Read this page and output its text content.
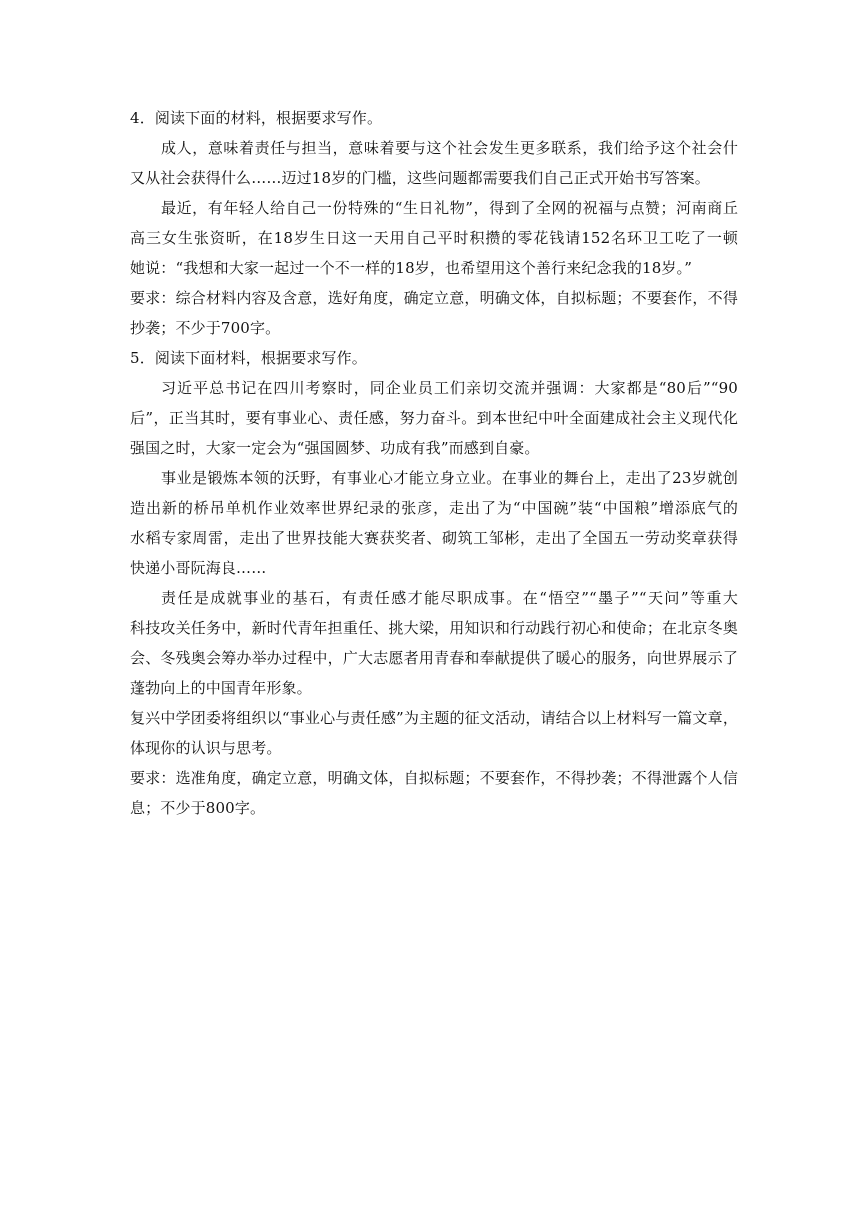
4．阅读下面的材料，根据要求写作。
成人，意味着责任与担当，意味着要与这个社会发生更多联系，我们给予这个社会什
又从社会获得什么……迈过18岁的门槛，这些问题都需要我们自己正式开始书写答案。
最近，有年轻人给自己一份特殊的“生日礼物”，得到了全网的祝福与点赞；河南商丘
高三女生张资昕，在18岁生日这一天用自己平时积攒的零花钱请152名环卫工吃了一顿
她说：“我想和大家一起过一个不一样的18岁，也希望用这个善行来纪念我的18岁。”
要求：综合材料内容及含意，选好角度，确定立意，明确文体，自拟标题；不要套作，不得
抄袭；不少于700字。
5．阅读下面材料，根据要求写作。
习近平总书记在四川考察时，同企业员工们亲切交流并强调：大家都是“80后”“90
后”，正当其时，要有事业心、责任感，努力奋斗。到本世纪中叶全面建成社会主义现代化
强国之时，大家一定会为“强国圆梦、功成有我”而感到自豪。
事业是锻炼本领的沃野，有事业心才能立身立业。在事业的舞台上，走出了23岁就创
造出新的桥吊单机作业效率世界纪录的张彦，走出了为“中国碗”装“中国粮”增添底气的
水稻专家周雷，走出了世界技能大赛获奖者、砌筑工邹彬，走出了全国五一劳动奖章获得
快递小哥阮海良……
责任是成就事业的基石，有责任感才能尽职成事。在“悟空”“墨子”“天问”等重大
科技攻关任务中，新时代青年担重任、挑大梁，用知识和行动践行初心和使命；在北京冬奥
会、冬残奥会筹办举办过程中，广大志愿者用青春和奉献提供了暖心的服务，向世界展示了
蓬勃向上的中国青年形象。
复兴中学团委将组织以“事业心与责任感”为主题的征文活动，请结合以上材料写一篇文章，
体现你的认识与思考。
要求：选准角度，确定立意，明确文体，自拟标题；不要套作，不得抄袭；不得泄露个人信
息；不少于800字。
